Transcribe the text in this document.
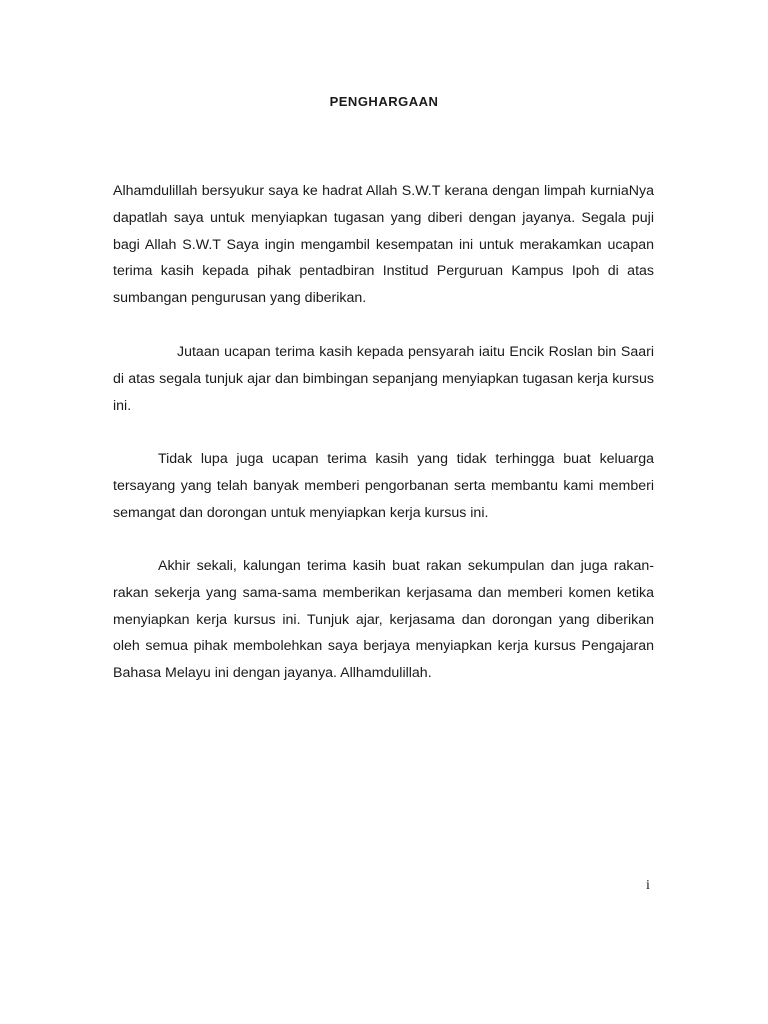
PENGHARGAAN

Alhamdulillah bersyukur saya ke hadrat Allah S.W.T kerana dengan limpah kurniaNya dapatlah saya untuk menyiapkan tugasan yang diberi dengan jayanya. Segala puji bagi Allah S.W.T Saya ingin mengambil kesempatan ini untuk merakamkan ucapan terima kasih kepada pihak pentadbiran Institud Perguruan Kampus Ipoh di atas sumbangan pengurusan yang diberikan.

Jutaan ucapan terima kasih kepada pensyarah iaitu Encik Roslan bin Saari di atas segala tunjuk ajar dan bimbingan sepanjang menyiapkan tugasan kerja kursus ini.

Tidak lupa juga ucapan terima kasih yang tidak terhingga buat keluarga tersayang yang telah banyak memberi pengorbanan serta membantu kami memberi semangat dan dorongan untuk menyiapkan kerja kursus ini.

Akhir sekali, kalungan terima kasih buat rakan sekumpulan dan juga rakan-rakan sekerja yang sama-sama memberikan kerjasama dan memberi komen ketika menyiapkan kerja kursus ini. Tunjuk ajar, kerjasama dan dorongan yang diberikan oleh semua pihak membolehkan saya berjaya menyiapkan kerja kursus Pengajaran Bahasa Melayu ini dengan jayanya. Allhamdulillah.

i
